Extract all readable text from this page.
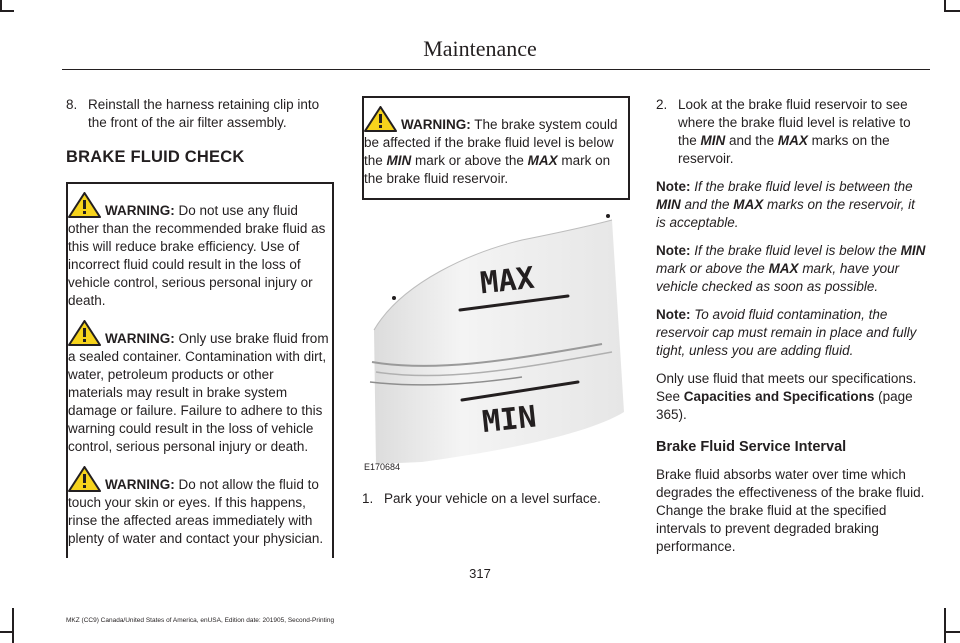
Maintenance
8. Reinstall the harness retaining clip into the front of the air filter assembly.
BRAKE FLUID CHECK

WARNING: Do not use any fluid other than the recommended brake fluid as this will reduce brake efficiency. Use of incorrect fluid could result in the loss of vehicle control, serious personal injury or death.

WARNING: Only use brake fluid from a sealed container. Contamination with dirt, water, petroleum products or other materials may result in brake system damage or failure. Failure to adhere to this warning could result in the loss of vehicle control, serious personal injury or death.

WARNING: Do not allow the fluid to touch your skin or eyes. If this happens, rinse the affected areas immediately with plenty of water and contact your physician.

WARNING: The brake system could be affected if the brake fluid level is below the MIN mark or above the MAX mark on the brake fluid reservoir.

MAX
MIN
E170684
1. Park your vehicle on a level surface.
2. Look at the brake fluid reservoir to see where the brake fluid level is relative to the MIN and the MAX marks on the reservoir.

Note: If the brake fluid level is between the MIN and the MAX marks on the reservoir, it is acceptable.

Note: If the brake fluid level is below the MIN mark or above the MAX mark, have your vehicle checked as soon as possible.

Note: To avoid fluid contamination, the reservoir cap must remain in place and fully tight, unless you are adding fluid.

Only use fluid that meets our specifications. See Capacities and Specifications (page 365).

Brake Fluid Service Interval

Brake fluid absorbs water over time which degrades the effectiveness of the brake fluid. Change the brake fluid at the specified intervals to prevent degraded braking performance.

317
MKZ (CC9) Canada/United States of America, enUSA, Edition date: 201905, Second-Printing
